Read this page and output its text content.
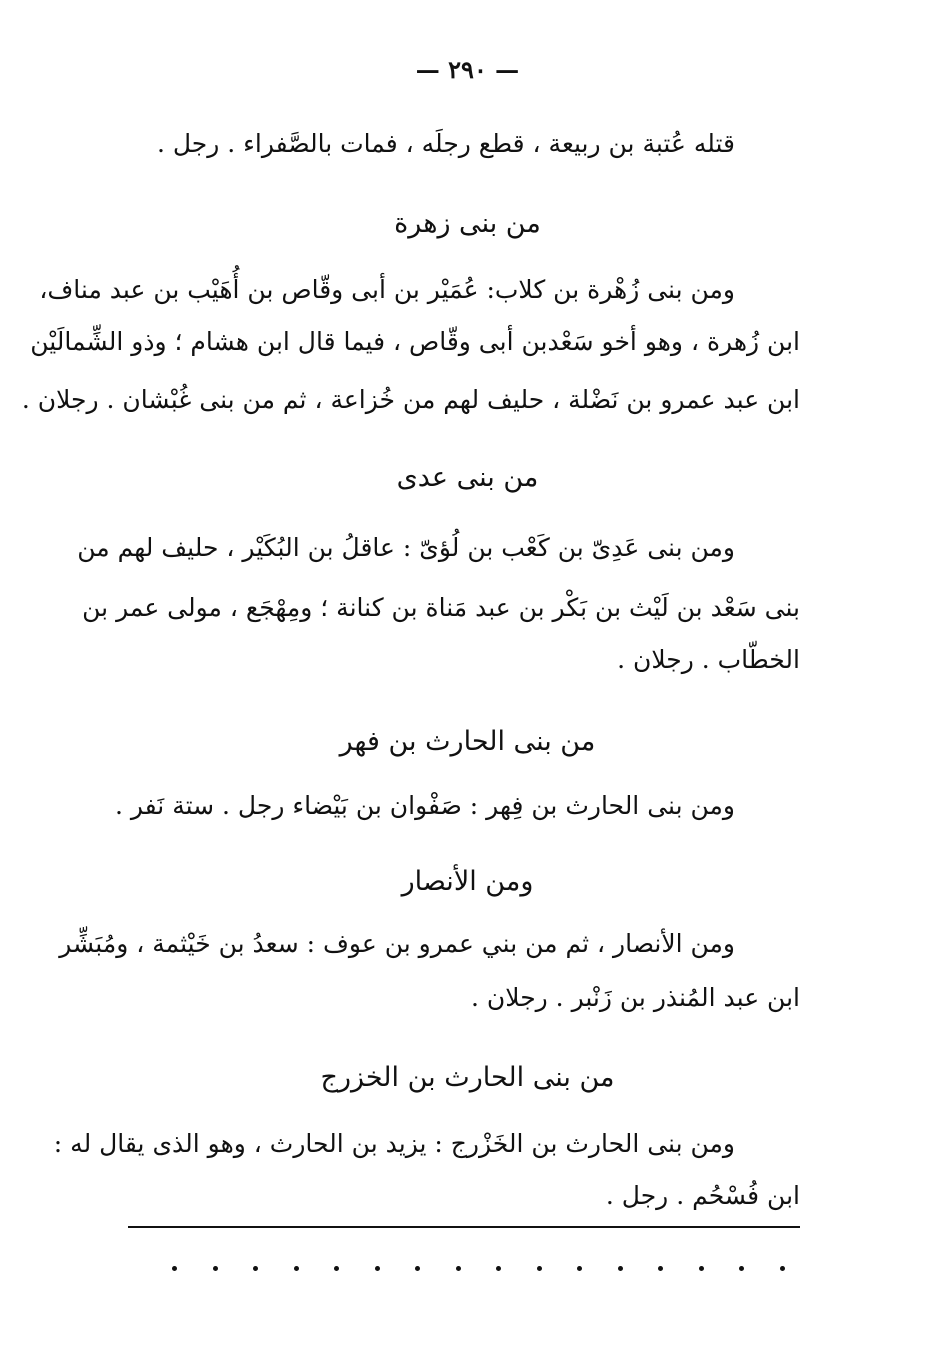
— ٢٩٠ —
قتله عُتبة بن ربيعة ، قطع رجلَه ، فمات بالصَّفراء . رجل .
من بنى زهرة
ومن بنى زُهْرة بن كلاب: عُمَيْر بن أبى وقّاص بن أُهَيْب بن عبد مناف،
ابن زُهرة ، وهو أخو سَعْدبن أبى وقّاص ، فيما قال ابن هشام ؛ وذو الشِّمالَيْن
ابن عبد عمرو بن نَضْلة ، حليف لهم من خُزاعة ، ثم من بنى غُبْشان . رجلان .
من بنى عدى
ومن بنى عَدِىّ بن كَعْب بن لُؤىّ : عاقلُ بن البُكَيْر ، حليف لهم من
بنى سَعْد بن لَيْث بن بَكْر بن عبد مَناة بن كنانة ؛ ومِهْجَع ، مولى عمر بن
الخطّاب . رجلان .
من بنى الحارث بن فهر
ومن بنى الحارث بن فِهر : صَفْوان بن بَيْضاء رجل . ستة نَفر .
ومن الأنصار
ومن الأنصار ، ثم من بني عمرو بن عوف : سعدُ بن خَيْثمة ، ومُبَشِّر
ابن عبد المُنذر بن زَنْبر . رجلان .
من بنى الحارث بن الخزرج
ومن بنى الحارث بن الخَزْرج : يزيد بن الحارث ، وهو الذى يقال له :
ابن فُسْحُم . رجل .
